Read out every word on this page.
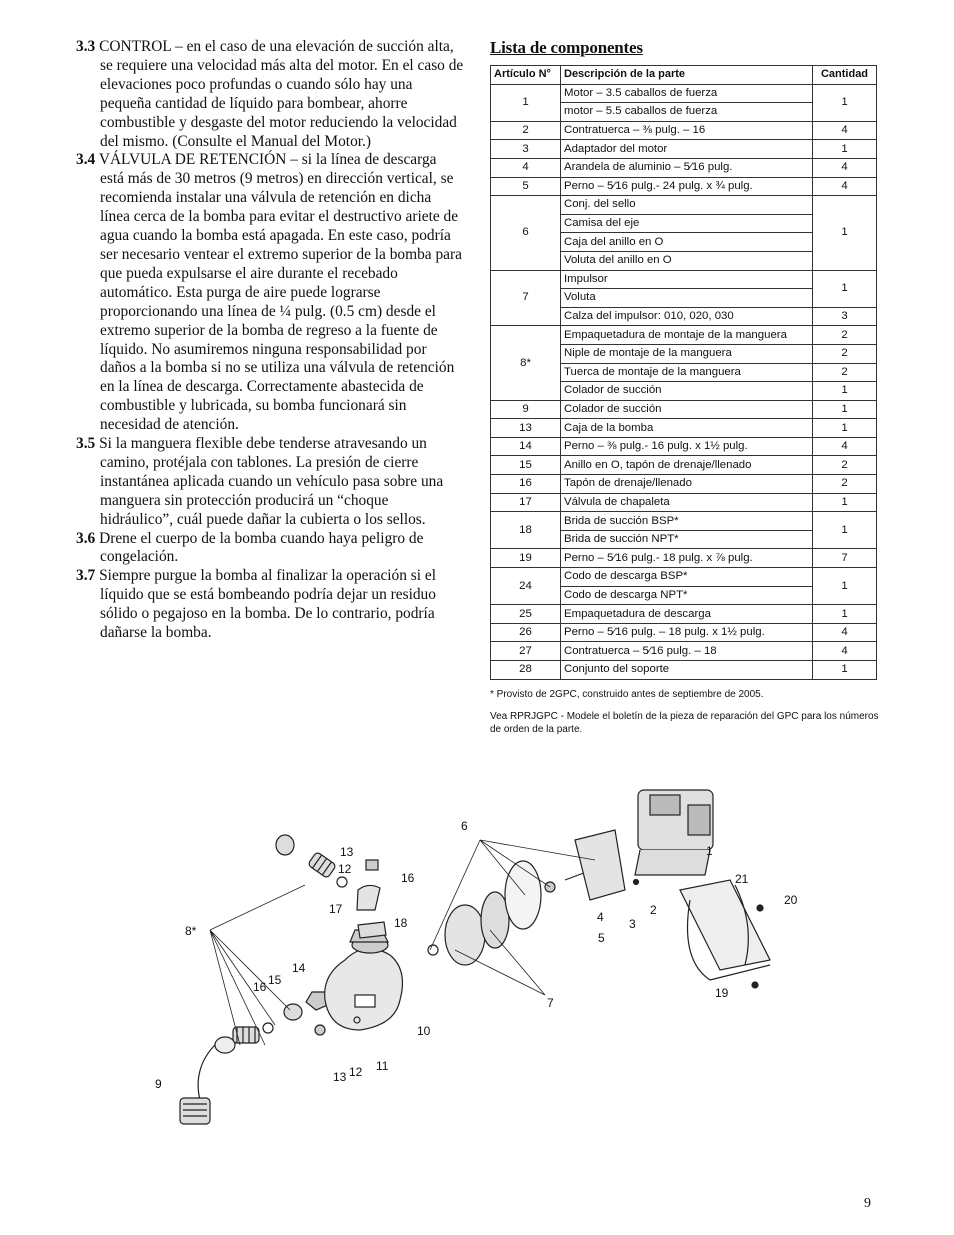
3.3 CONTROL – en el caso de una elevación de succión alta, se requiere una velocidad más alta del motor. En el caso de elevaciones poco profundas o cuando sólo hay una pequeña cantidad de líquido para bombear, ahorre combustible y desgaste del motor reduciendo la velocidad del mismo. (Consulte el Manual del Motor.)

3.4 VÁLVULA DE RETENCIÓN – si la línea de descarga está más de 30 metros (9 metros) en dirección vertical, se recomienda instalar una válvula de retención en dicha línea cerca de la bomba para evitar el destructivo ariete de agua cuando la bomba está apagada. En este caso, podría ser necesario ventear el extremo superior de la bomba para que pueda expulsarse el aire durante el recebado automático. Esta purga de aire puede lograrse proporcionando una línea de ¼ pulg. (0.5 cm) desde el extremo superior de la bomba de regreso a la fuente de líquido. No asumiremos ninguna responsabilidad por daños a la bomba si no se utiliza una válvula de retención en la línea de descarga. Correctamente abastecida de combustible y lubricada, su bomba funcionará sin necesidad de atención.

3.5 Si la manguera flexible debe tenderse atravesando un camino, protéjala con tablones. La presión de cierre instantánea aplicada cuando un vehículo pasa sobre una manguera sin protección producirá un “choque hidráulico”, cuál puede dañar la cubierta o los sellos.

3.6 Drene el cuerpo de la bomba cuando haya peligro de congelación.

3.7 Siempre purgue la bomba al finalizar la operación si el líquido que se está bombeando podría dejar un residuo sólido o pegajoso en la bomba. De lo contrario, podría dañarse la bomba.

Lista de componentes
Artículo N°	Descripción de la parte	Cantidad
1	Motor – 3.5 caballos de fuerza	1
	motor – 5.5 caballos de fuerza	
2	Contratuerca – ⅜ pulg. – 16	4
3	Adaptador del motor	1
4	Arandela de aluminio – 5⁄16 pulg.	4
5	Perno – 5⁄16 pulg.- 24 pulg. x ¾ pulg.	4
6	Conj. del sello	1
	Camisa del eje	
	Caja del anillo en O	
	Voluta del anillo en O	
7	Impulsor	1
	Voluta	
	Calza del impulsor: 010, 020, 030	3
8*	Empaquetadura de montaje de la manguera	2
	Niple de montaje de la manguera	2
	Tuerca de montaje de la manguera	2
	Colador de succión	1
9	Colador de succión	1
13	Caja de la bomba	1
14	Perno – ⅜ pulg.- 16 pulg. x 1½ pulg.	4
15	Anillo en O, tapón de drenaje/llenado	2
16	Tapón de drenaje/llenado	2
17	Válvula de chapaleta	1
18	Brida de succión BSP*	1
	Brida de succión NPT*	
19	Perno – 5⁄16 pulg.- 18 pulg. x ⅞ pulg.	7
24	Codo de descarga BSP*	1
	Codo de descarga NPT*	
25	Empaquetadura de descarga	1
26	Perno – 5⁄16 pulg. – 18 pulg. x 1½ pulg.	4
27	Contratuerca – 5⁄16 pulg. – 18	4
28	Conjunto del soporte	1

* Provisto de 2GPC, construido antes de septiembre de 2005.

Vea RPRJGPC - Modele el boletín de la pieza de reparación del GPC para los números de orden de la parte.

13
12
16
17
18
8*
14
15
16
10
9	13 12 11
6
4
5
3
2
1
21
20
19
7
9
